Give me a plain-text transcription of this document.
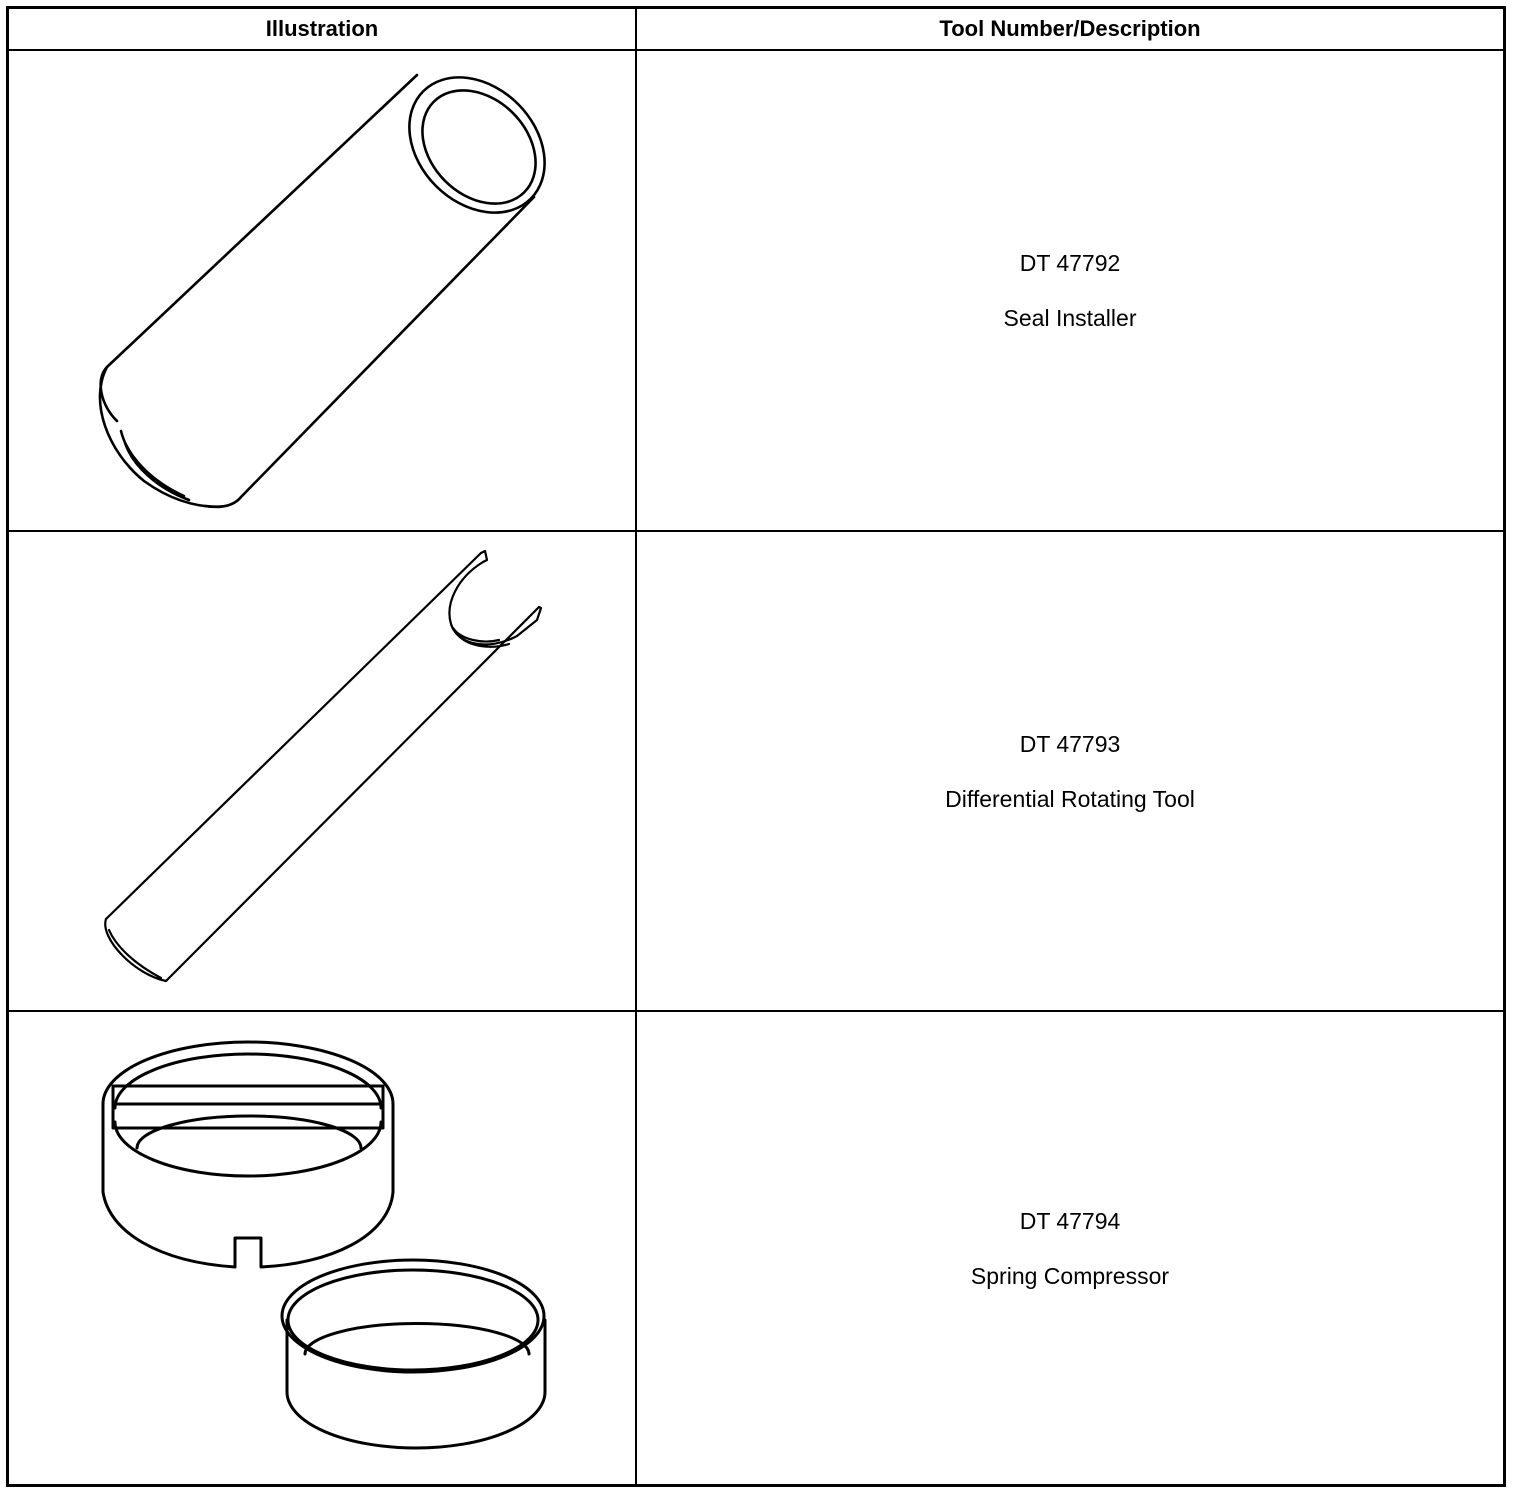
Illustration	Tool Number/Description
DT 47792
Seal Installer
DT 47793
Differential Rotating Tool
DT 47794
Spring Compressor
